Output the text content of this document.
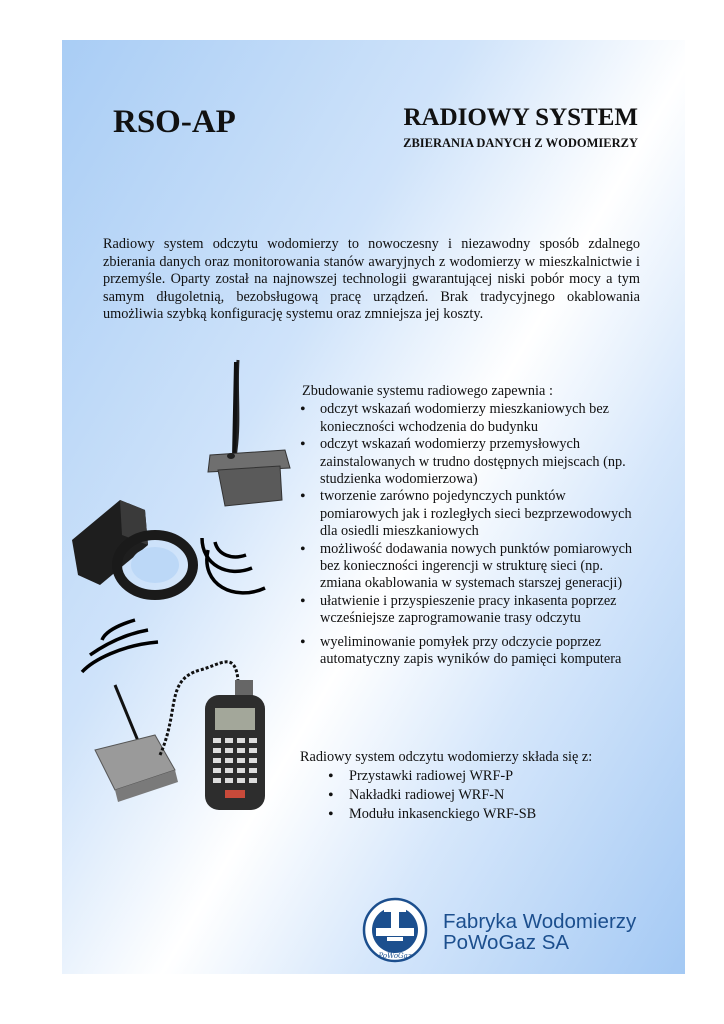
RSO-AP	RADIOWY SYSTEM
ZBIERANIA DANYCH Z WODOMIERZY
Radiowy system odczytu wodomierzy to nowoczesny i niezawodny sposób zdalnego zbierania danych oraz monitorowania stanów awaryjnych z wodomierzy w mieszkalnictwie i przemyśle. Oparty został na najnowszej technologii gwarantującej niski pobór mocy a tym samym długoletnią, bezobsługową pracę urządzeń. Brak tradycyjnego okablowania umożliwia szybką konfigurację systemu oraz zmniejsza jej koszty.
Zbudowanie systemu radiowego zapewnia :
• odczyt wskazań wodomierzy mieszkaniowych bez konieczności wchodzenia do budynku
• odczyt wskazań wodomierzy przemysłowych zainstalowanych w trudno dostępnych miejscach (np. studzienka wodomierzowa)
• tworzenie zarówno pojedynczych punktów pomiarowych jak i rozległych sieci bezprzewodowych dla osiedli mieszkaniowych
• możliwość dodawania nowych punktów pomiarowych bez konieczności ingerencji w strukturę sieci (np. zmiana okablowania w systemach starszej generacji)
• ułatwienie i przyspieszenie pracy inkasenta poprzez wcześniejsze zaprogramowanie trasy odczytu
• wyeliminowanie pomyłek przy odczycie poprzez automatyczny zapis wyników do pamięci komputera
Radiowy system odczytu wodomierzy składa się z:
• Przystawki radiowej WRF-P
• Nakładki radiowej WRF-N
• Modułu inkasenckiego WRF-SB
PoWoGaz
Fabryka Wodomierzy
PoWoGaz SA
